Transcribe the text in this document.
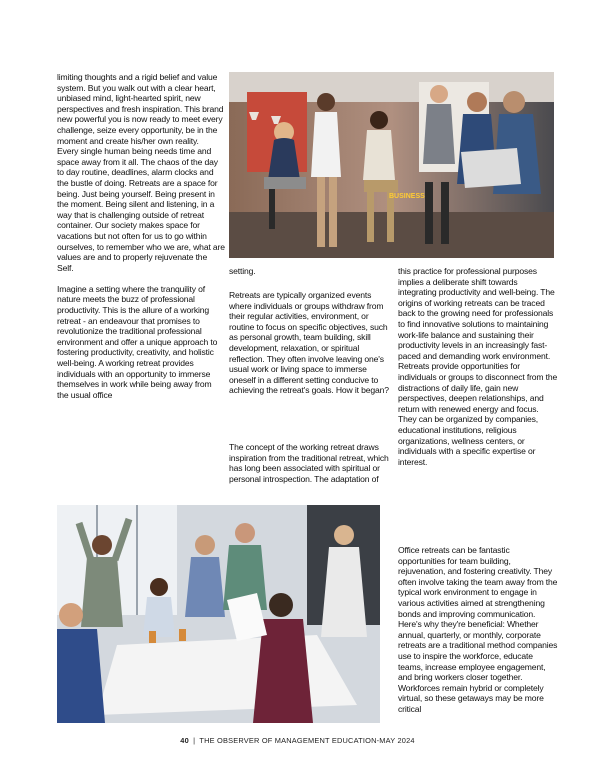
limiting thoughts and a rigid belief and value system. But you walk out with a clear heart, unbiased mind, light-hearted spirit, new perspectives and fresh inspiration. This brand new powerful you is now ready to meet every challenge, seize every opportunity, be in the moment and create his/her own reality.

Every single human being needs time and space away from it all. The chaos of the day to day routine, deadlines, alarm clocks and the bustle of doing. Retreats are a space for being. Just being yourself. Being present in the moment. Being silent and listening, in a way that is challenging outside of retreat container. Our society makes space for vacations but not often for us to go within ourselves, to remember who we are, what are values are and to properly rejuvenate the Self.

Imagine a setting where the tranquility of nature meets the buzz of professional productivity. This is the allure of a working retreat - an endeavour that promises to revolutionize the traditional professional environment and offer a unique approach to fostering productivity, creativity, and holistic well-being. A working retreat provides individuals with an opportunity to immerse themselves in work while being away from the usual office

BUSINESS

setting.

Retreats are typically organized events where individuals or groups withdraw from their regular activities, environment, or routine to focus on specific objectives, such as personal growth, team building, skill development, relaxation, or spiritual reflection. They often involve leaving one's usual work or living space to immerse oneself in a different setting conducive to achieving the retreat's goals. How it began?

The concept of the working retreat draws inspiration from the traditional retreat, which has long been associated with spiritual or personal introspection. The adaptation of

this practice for professional purposes implies a deliberate shift towards integrating productivity and well-being. The origins of working retreats can be traced back to the growing need for professionals to find innovative solutions to maintaining work-life balance and sustaining their productivity levels in an increasingly fast-paced and demanding work environment. Retreats provide opportunities for individuals or groups to disconnect from the distractions of daily life, gain new perspectives, deepen relationships, and return with renewed energy and focus. They can be organized by companies, educational institutions, religious organizations, wellness centers, or individuals with a specific expertise or interest.

Office retreats can be fantastic opportunities for team building, rejuvenation, and fostering creativity. They often involve taking the team away from the typical work environment to engage in various activities aimed at strengthening bonds and improving communication. Here's why they're beneficial: Whether annual, quarterly, or monthly, corporate retreats are a traditional method companies use to inspire the workforce, educate teams, increase employee engagement, and bring workers closer together. Workforces remain hybrid or completely virtual, so these getaways may be more critical

40 | THE OBSERVER OF MANAGEMENT EDUCATION-MAY 2024
